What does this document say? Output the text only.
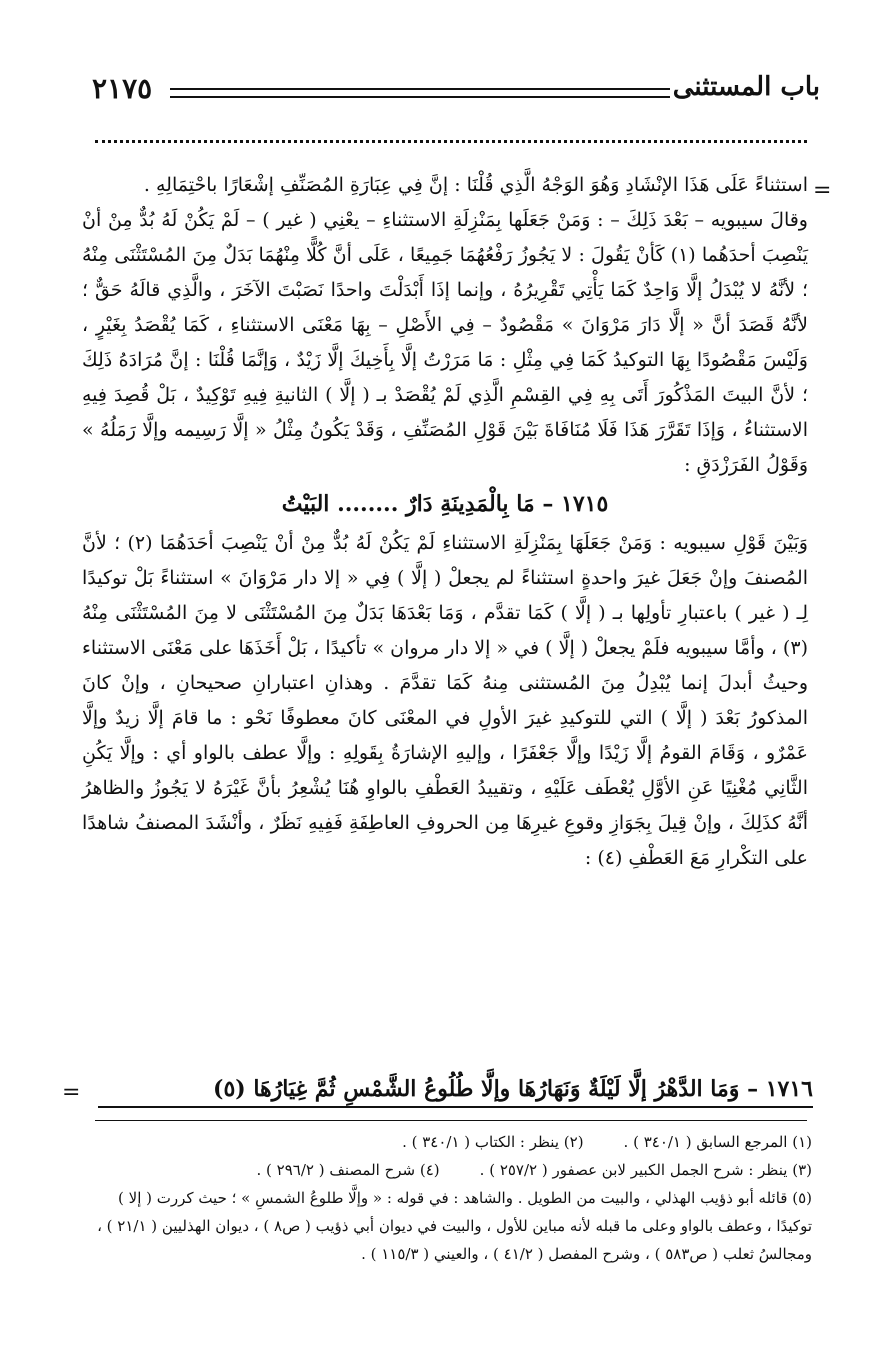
باب المستثنى
٢١٧٥
=

استثناءً عَلَى هَذَا الإنْشَادِ وَهُوَ الوَجْهُ الَّذِي قُلْنَا : إنَّ فِي عِبَارَةِ المُصَنِّفِ إشْعَارًا باحْتِمَالِهِ .

وقالَ سيبويه – بَعْدَ ذَلِكَ – : وَمَنْ جَعَلَها بِمَنْزِلَةِ الاستثناءِ – يعْنِي ( غير ) – لَمْ يَكُنْ لَهُ بُدٌّ مِنْ أنْ يَنْصِبَ أحدَهُما (١) كَأنْ يَقُولَ : لا يَجُوزُ رَفْعُهُمَا جَمِيعًا ، عَلَى أنَّ كُلًّا مِنْهُمَا بَدَلٌ مِنَ المُسْتَثْنَى مِنْهُ ؛ لأنَّهُ لا يُبْدَلُ إلَّا وَاحِدٌ كَمَا يَأْتِي تَقْرِيرُهُ ، وإنما إذَا أَبْدَلْتَ واحدًا نَصَبْتَ الآخَرَ ، والَّذِي قالَهُ حَقٌّ ؛ لأنَّهُ قَصَدَ أنَّ « إلَّا دَارَ مَرْوَانَ » مَقْصُودٌ – فِي الأَصْلِ – بِهَا مَعْنَى الاستثناءِ ، كَمَا يُقْصَدُ بِغَيْرٍ ، وَلَيْسَ مَقْصُودًا بِهَا التوكيدُ كَمَا فِي مِثْلِ : مَا مَرَرْتُ إلَّا بِأَخِيكَ إلَّا زَيْدٌ ، وَإنَّمَا قُلْنَا : إنَّ مُرَادَهُ ذَلِكَ ؛ لأنَّ البيتَ المَذْكُورَ أَتَى بِهِ فِي القِسْمِ الَّذِي لَمْ يُقْصَدْ بـ ( إلَّا ) الثانيةِ فِيهِ تَوْكِيدٌ ، بَلْ قُصِدَ فِيهِ الاستثناءُ ، وَإذَا تَقَرَّرَ هَذَا فَلَا مُنَافَاةَ بَيْنَ قَوْلِ المُصَنِّفِ ، وَقَدْ يَكُونُ مِثْلُ « إلَّا رَسِيمه وإلَّا رَمَلُهُ » وَقَوْلُ الفَرَزْدَقِ :

١٧١٥ – مَا بِالْمَدِينَةِ دَارٌ ........ البَيْتُ

وَبَيْنَ قَوْلِ سيبويه : وَمَنْ جَعَلَهَا بِمَنْزِلَةِ الاستثناءِ لَمْ يَكُنْ لَهُ بُدٌّ مِنْ أنْ يَنْصِبَ أحَدَهُمَا (٢) ؛ لأنَّ المُصنفَ وإنْ جَعَلَ غيرَ واحدةٍ استثناءً لم يجعلْ ( إلَّا ) فِي « إلا دار مَرْوَانَ » استثناءً بَلْ توكيدًا لِـ ( غير ) باعتبارِ تأولِها بـ ( إلَّا ) كَمَا تقدَّم ، وَمَا بَعْدَهَا بَدَلٌ مِنَ المُسْتَثْنَى لا مِنَ المُسْتَثْنَى مِنْهُ (٣) ، وأمَّا سيبويه فلَمْ يجعلْ ( إلَّا ) في « إلا دار مروان » تأكيدًا ، بَلْ أَخَذَهَا على مَعْنَى الاستثناء وحيثُ أبدلَ إنما يُبْدِلُ مِنَ المُستثنى مِنهُ كَمَا تقدَّمَ . وهذانِ اعتبارانِ صحيحانِ ، وإنْ كانَ المذكورُ بَعْدَ ( إلَّا ) التي للتوكيدِ غيرَ الأولِ في المعْنَى كانَ معطوفًا نَحْو : ما قامَ إلَّا زيدٌ وإلَّا عَمْرٌو ، وَقَامَ القومُ إلَّا زَيْدًا وإلَّا جَعْفَرًا ، وإليهِ الإشارَةُ بِقَولِهِ : وإلَّا عطف بالواو أي : وإلَّا يَكُنِ الثَّانِي مُغْنِيًا عَنِ الأوَّلِ يُعْطَف عَلَيْهِ ، وتقييدُ العَطْفِ بالواوِ هُنَا يُشْعِرُ بأنَّ غَيْرَهُ لا يَجُوزُ والظاهرُ أنَّهُ كذَلِكَ ، وإنْ قِيلَ بِجَوَازِ وقوعِ غيرِهَا مِن الحروفِ العاطِفَةِ فَفِيهِ نَظَرٌ ، وأنْشَدَ المصنفُ شاهدًا على التكْرارِ مَعَ العَطْفِ (٤) :

١٧١٦ – وَمَا الدَّهْرُ إلَّا لَيْلَةٌ وَنَهَارُهَا وإلَّا طُلُوعُ الشَّمْسِ ثُمَّ غِيَارُهَا (٥)
=
(١) المرجع السابق ( ٣٤٠/١ ) .
(٢) ينظر : الكتاب ( ٣٤٠/١ ) .
(٣) ينظر : شرح الجمل الكبير لابن عصفور ( ٢٥٧/٢ ) .
(٤) شرح المصنف ( ٢٩٦/٢ ) .
(٥) قائله أبو ذؤيب الهذلي ، والبيت من الطويل . والشاهد : في قوله : « وإلَّا طلوعُ الشمسِ » ؛ حيث كررت ( إلا ) توكيدًا ، وعطف بالواو وعلى ما قبله لأنه مباين للأول ، والبيت في ديوان أبي ذؤيب ( ص٨ ) ، ديوان الهذليين ( ٢١/١ ) ، ومجالسُ ثعلب ( ص٥٨٣ ) ، وشرح المفصل ( ٤١/٢ ) ، والعيني ( ١١٥/٣ ) .
